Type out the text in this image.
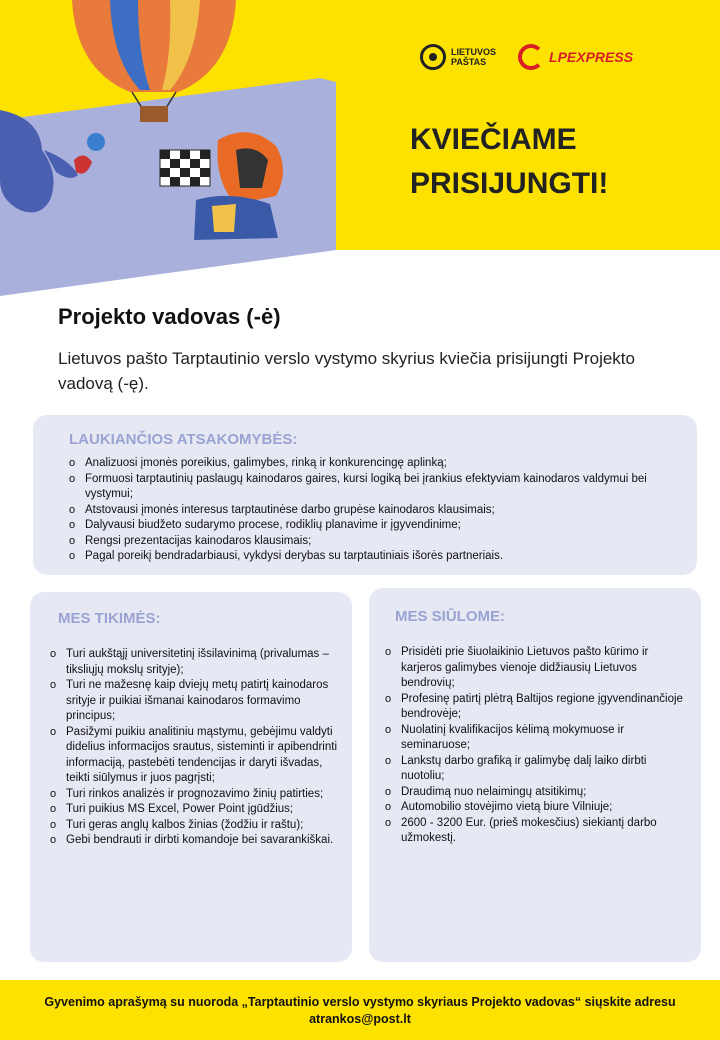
LIETUVOS
PAŠTAS	LPEXPRESS
KVIEČIAME
PRISIJUNGTI!
Projekto vadovas (-ė)
Lietuvos pašto Tarptautinio verslo vystymo skyrius kviečia prisijungti Projekto vadovą (-ę).
LAUKIANČIOS ATSAKOMYBĖS:
o Analizuosi įmonės poreikius, galimybes, rinką ir konkurencingę aplinką;
o Formuosi tarptautinių paslaugų kainodaros gaires, kursi logiką bei įrankius efektyviam kainodaros valdymui bei vystymui;
o Atstovausi įmonės interesus tarptautinėse darbo grupėse kainodaros klausimais;
o Dalyvausi biudžeto sudarymo procese, rodiklių planavime ir įgyvendinime;
o Rengsi prezentacijas kainodaros klausimais;
o Pagal poreikį bendradarbiausi, vykdysi derybas su tarptautiniais išorės partneriais.
MES TIKIMĖS:
o Turi aukštąjį universitetinį išsilavinimą (privalumas – tiksliųjų mokslų srityje);
o Turi ne mažesnę kaip dviejų metų patirtį kainodaros srityje ir puikiai išmanai kainodaros formavimo principus;
o Pasižymi puikiu analitiniu mąstymu, gebėjimu valdyti didelius informacijos srautus, sisteminti ir apibendrinti informaciją, pastebėti tendencijas ir daryti išvadas, teikti siūlymus ir juos pagrįsti;
o Turi rinkos analizės ir prognozavimo žinių patirties;
o Turi puikius MS Excel, Power Point įgūdžius;
o Turi geras anglų kalbos žinias (žodžiu ir raštu);
o Gebi bendrauti ir dirbti komandoje bei savarankiškai.
MES SIŪLOME:
o Prisidėti prie šiuolaikinio Lietuvos pašto kūrimo ir karjeros galimybes vienoje didžiausių Lietuvos bendrovių;
o Profesinę patirtį plėtrą Baltijos regione įgyvendinančioje bendrovėje;
o Nuolatinį kvalifikacijos kėlimą mokymuose ir seminaruose;
o Lankstų darbo grafiką ir galimybę dalį laiko dirbti nuotoliu;
o Draudimą nuo nelaimingų atsitikimų;
o Automobilio stovėjimo vietą biure Vilniuje;
o 2600 - 3200 Eur. (prieš mokesčius) siekiantį darbo užmokestį.
Gyvenimo aprašymą su nuoroda „Tarptautinio verslo vystymo skyriaus Projekto vadovas“ siųskite adresu
atrankos@post.lt
